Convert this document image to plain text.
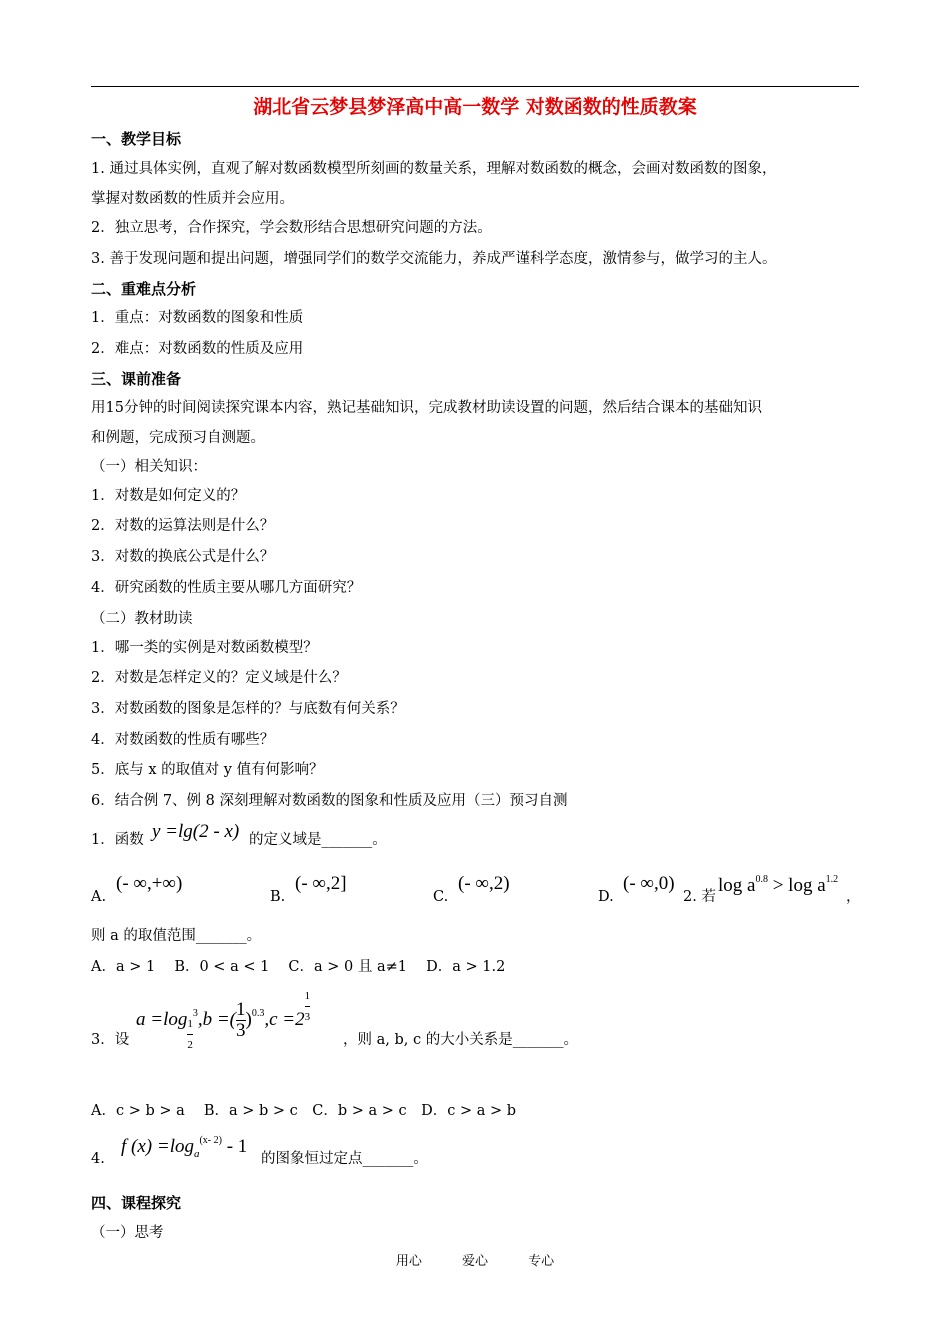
湖北省云梦县梦泽高中高一数学 对数函数的性质教案
一、教学目标
1. 通过具体实例，直观了解对数函数模型所刻画的数量关系，理解对数函数的概念，会画对数函数的图象，
掌握对数函数的性质并会应用。
2．独立思考，合作探究，学会数形结合思想研究问题的方法。
3. 善于发现问题和提出问题，增强同学们的数学交流能力，养成严谨科学态度，激情参与，做学习的主人。
二、重难点分析
1．重点：对数函数的图象和性质
2．难点：对数函数的性质及应用
三、课前准备
用15分钟的时间阅读探究课本内容，熟记基础知识，完成教材助读设置的问题，然后结合课本的基础知识
和例题，完成预习自测题。
（一）相关知识：
1．对数是如何定义的？
2．对数的运算法则是什么？
3．对数的换底公式是什么？
4．研究函数的性质主要从哪几方面研究？
（二）教材助读
1．哪一类的实例是对数函数模型？
2．对数是怎样定义的？定义域是什么？
3．对数函数的图象是怎样的？与底数有何关系？
4．对数函数的性质有哪些？
5．底与 x 的取值对 y 值有何影响？
6．结合例 7、例 8 深刻理解对数函数的图象和性质及应用（三）预习自测
1．函数 y =lg(2 - x) 的定义域是_______。
A.
(- ∞,+∞)
B.
(- ∞,2]
C.
(- ∞,2)
D.
(- ∞,0)
2. 若
$\log a^{0.8} > \log a^{1.2}$
，
则 a 的取值范围_______。
A．a > 1　 B．0 < a < 1　 C．a > 0 且 a≠1　 D．a > 1.2
3．设
$a =\log \frac{1}{2}$
$^3$,b =( $\frac{1}{3} )^{0.3},c =2 \frac{1}{3}$
，则 a, b, c 的大小关系是_______。
A．c > b > a　 B．a > b > c　C．b > a > c　D．c > a > b
4.
f $(x) =\log_a^{(x- 2)} - 1$
的图象恒过定点_______。
四、课程探究
（一）思考
用心	爱心	专心
